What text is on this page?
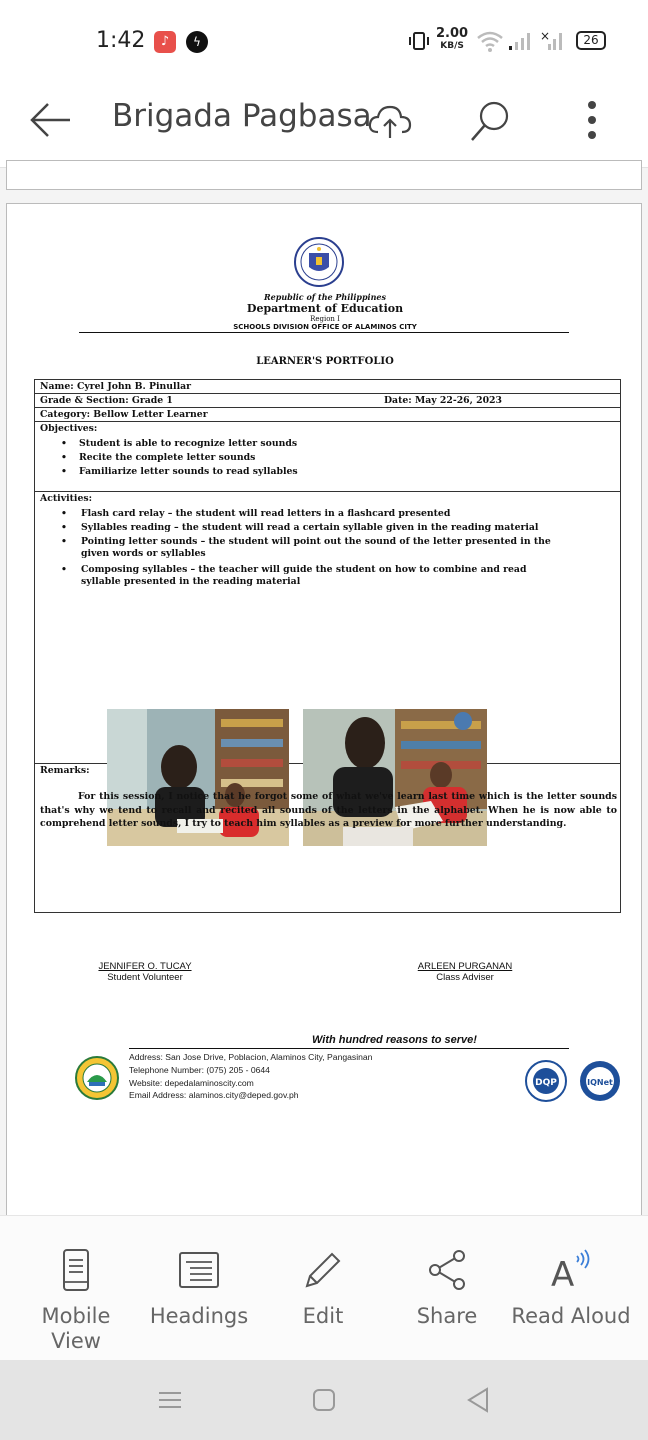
1:42	♪	ϟ
2.00
KB/S
×	26
Brigada Pagbasa
Republic of the Philippines
Department of Education
Region I
SCHOOLS DIVISION OFFICE OF ALAMINOS CITY
LEARNER'S PORTFOLIO
Name: Cyrel John B. Pinullar
Grade & Section: Grade 1	Date: May 22-26, 2023
Category: Bellow Letter Learner
Objectives:
• Student is able to recognize letter sounds
• Recite the complete letter sounds
• Familiarize letter sounds to read syllables
Activities:
• Flash card relay – the student will read letters in a flashcard presented
• Syllables reading – the student will read a certain syllable given in the reading material
• Pointing letter sounds – the student will point out the sound of the letter presented in the
given words or syllables
• Composing syllables – the teacher will guide the student on how to combine and read
syllable presented in the reading material
Remarks:

For this session, I notice that he forgot some of what we've learn last time which is the letter sounds that's why we tend to recall and recited all sounds of the letters in the alphabet. When he is now able to comprehend letter sounds, I try to teach him syllables as a preview for more further understanding.

JENNIFER O. TUCAY
Student Volunteer
ARLEEN PURGANAN
Class Adviser
With hundred reasons to serve!
Address: San Jose Drive, Poblacion, Alaminos City, Pangasinan
Telephone Number: (075) 205 - 0644
Website: depedalaminoscity.com
Email Address: alaminos.city@deped.gov.ph
DQP	IQNet
Mobile
View
Headings	Edit	Share
A
Read Aloud
